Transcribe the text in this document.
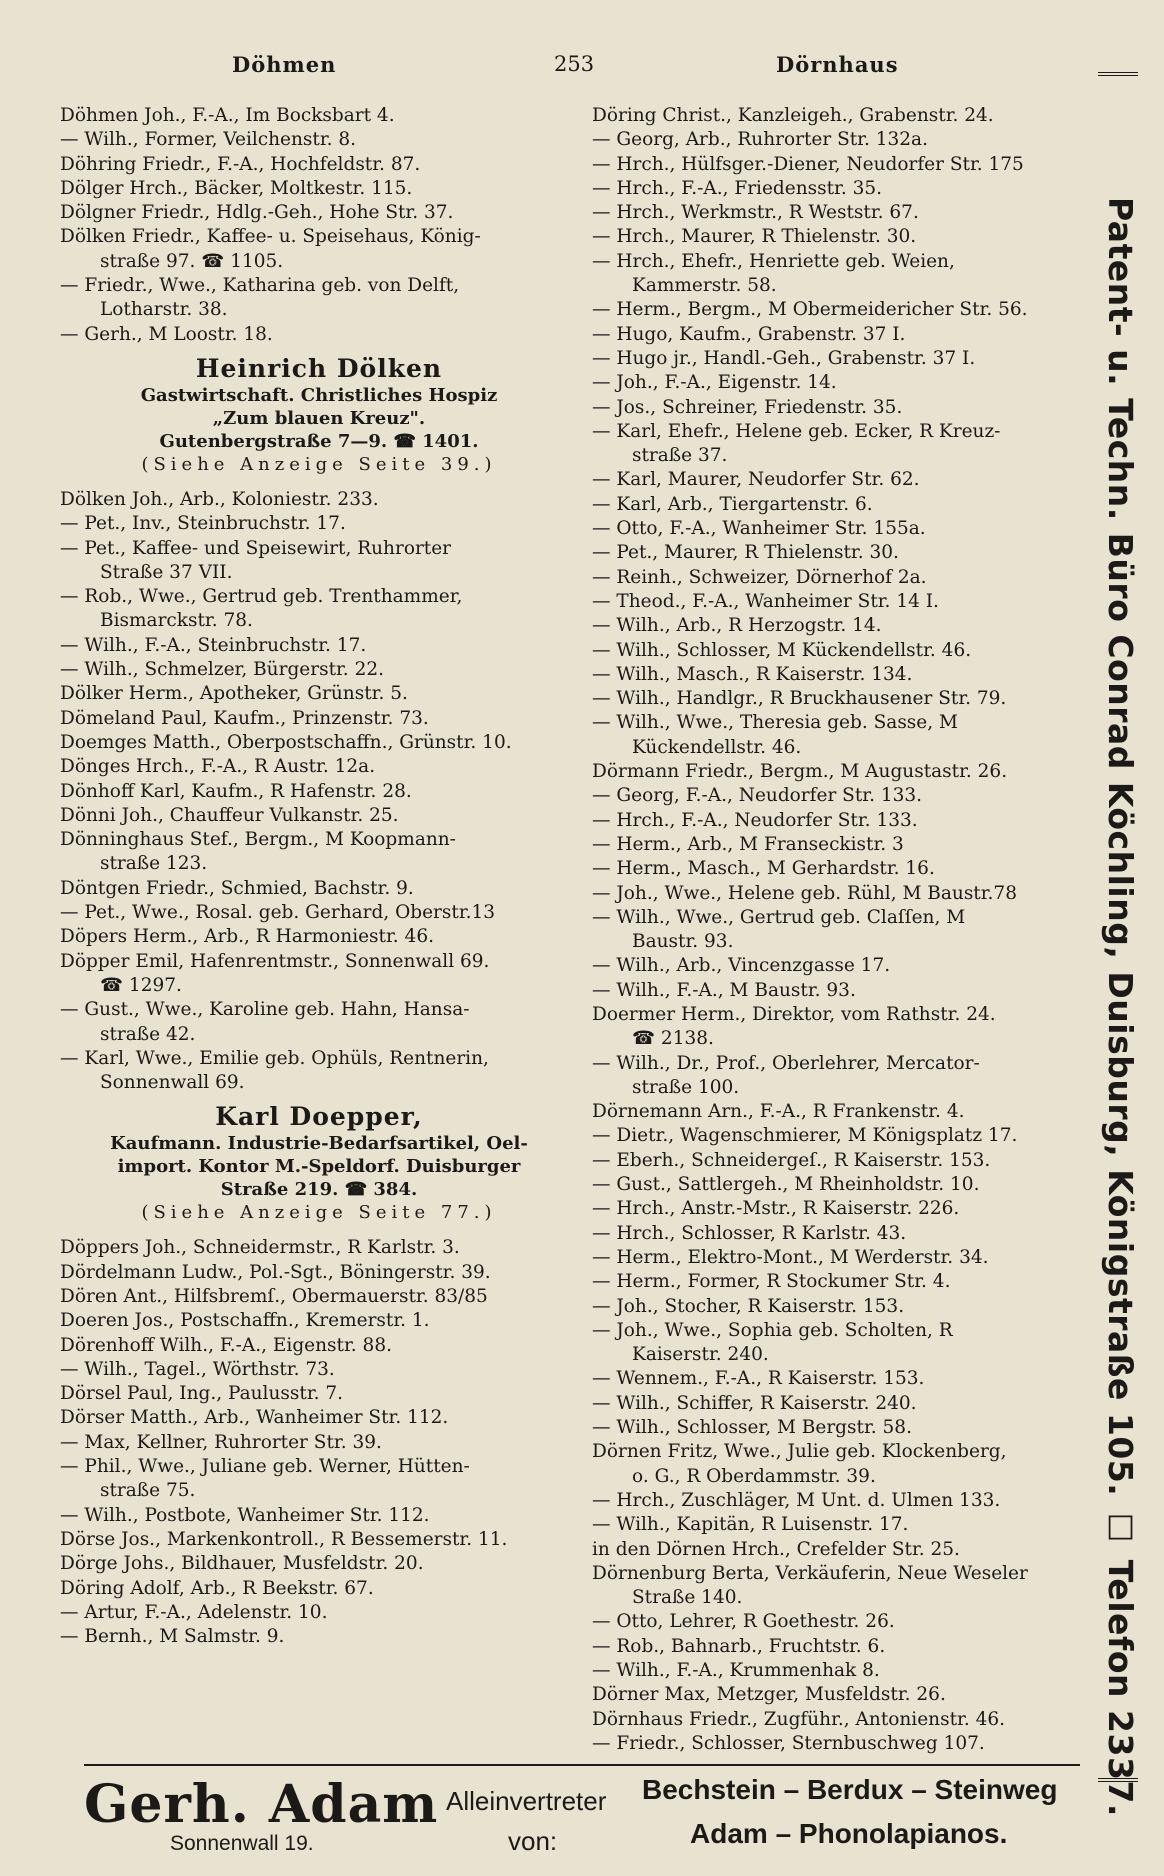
Döhmen	253	Dörnhaus
Döhmen Joh., F.-A., Im Bocksbart 4.
— Wilh., Former, Veilchenstr. 8.
Döhring Friedr., F.-A., Hochfeldstr. 87.
Dölger Hrch., Bäcker, Moltkestr. 115.
Dölgner Friedr., Hdlg.-Geh., Hohe Str. 37.
Dölken Friedr., Kaffee- u. Speisehaus, König-
straße 97. ☎ 1105.
— Friedr., Wwe., Katharina geb. von Delft,
Lotharstr. 38.
— Gerh., M Loostr. 18.
Heinrich Dölken
Gastwirtschaft. Christliches Hospiz
„Zum blauen Kreuz".
Gutenbergstraße 7—9. ☎ 1401.
(Siehe Anzeige Seite 39.)
Dölken Joh., Arb., Koloniestr. 233.
— Pet., Inv., Steinbruchstr. 17.
— Pet., Kaffee- und Speisewirt, Ruhrorter
Straße 37 VII.
— Rob., Wwe., Gertrud geb. Trenthammer,
Bismarckstr. 78.
— Wilh., F.-A., Steinbruchstr. 17.
— Wilh., Schmelzer, Bürgerstr. 22.
Dölker Herm., Apotheker, Grünstr. 5.
Dömeland Paul, Kaufm., Prinzenstr. 73.
Doemges Matth., Oberpostschaffn., Grünstr. 10.
Dönges Hrch., F.-A., R Austr. 12a.
Dönhoff Karl, Kaufm., R Hafenstr. 28.
Dönni Joh., Chauffeur Vulkanstr. 25.
Dönninghaus Stef., Bergm., M Koopmann-
straße 123.
Döntgen Friedr., Schmied, Bachstr. 9.
— Pet., Wwe., Rosal. geb. Gerhard, Oberstr.13
Döpers Herm., Arb., R Harmoniestr. 46.
Döpper Emil, Hafenrentmstr., Sonnenwall 69.
☎ 1297.
— Gust., Wwe., Karoline geb. Hahn, Hansa-
straße 42.
— Karl, Wwe., Emilie geb. Ophüls, Rentnerin,
Sonnenwall 69.
Karl Doepper,
Kaufmann. Industrie-Bedarfsartikel, Oel-
import. Kontor M.-Speldorf. Duisburger
Straße 219. ☎ 384.
(Siehe Anzeige Seite 77.)
Döppers Joh., Schneidermstr., R Karlstr. 3.
Dördelmann Ludw., Pol.-Sgt., Böningerstr. 39.
Dören Ant., Hilfsbremſ., Obermauerstr. 83/85
Doeren Jos., Postschaffn., Kremerstr. 1.
Dörenhoff Wilh., F.-A., Eigenstr. 88.
— Wilh., Tagel., Wörthstr. 73.
Dörsel Paul, Ing., Paulusstr. 7.
Dörser Matth., Arb., Wanheimer Str. 112.
— Max, Kellner, Ruhrorter Str. 39.
— Phil., Wwe., Juliane geb. Werner, Hütten-
straße 75.
— Wilh., Postbote, Wanheimer Str. 112.
Dörse Jos., Markenkontroll., R Bessemerstr. 11.
Dörge Johs., Bildhauer, Musfeldstr. 20.
Döring Adolf, Arb., R Beekstr. 67.
— Artur, F.-A., Adelenstr. 10.
— Bernh., M Salmstr. 9.
Döring Christ., Kanzleigeh., Grabenstr. 24.
— Georg, Arb., Ruhrorter Str. 132a.
— Hrch., Hülfsger.-Diener, Neudorfer Str. 175
— Hrch., F.-A., Friedensstr. 35.
— Hrch., Werkmstr., R Weststr. 67.
— Hrch., Maurer, R Thielenstr. 30.
— Hrch., Ehefr., Henriette geb. Weien,
Kammerstr. 58.
— Herm., Bergm., M Obermeidericher Str. 56.
— Hugo, Kaufm., Grabenstr. 37 I.
— Hugo jr., Handl.-Geh., Grabenstr. 37 I.
— Joh., F.-A., Eigenstr. 14.
— Jos., Schreiner, Friedenstr. 35.
— Karl, Ehefr., Helene geb. Ecker, R Kreuz-
straße 37.
— Karl, Maurer, Neudorfer Str. 62.
— Karl, Arb., Tiergartenstr. 6.
— Otto, F.-A., Wanheimer Str. 155a.
— Pet., Maurer, R Thielenstr. 30.
— Reinh., Schweizer, Dörnerhof 2a.
— Theod., F.-A., Wanheimer Str. 14 I.
— Wilh., Arb., R Herzogstr. 14.
— Wilh., Schlosser, M Kückendellstr. 46.
— Wilh., Masch., R Kaiserstr. 134.
— Wilh., Handlgr., R Bruckhausener Str. 79.
— Wilh., Wwe., Theresia geb. Sasse, M
Kückendellstr. 46.
Dörmann Friedr., Bergm., M Augustastr. 26.
— Georg, F.-A., Neudorfer Str. 133.
— Hrch., F.-A., Neudorfer Str. 133.
— Herm., Arb., M Franseckistr. 3
— Herm., Masch., M Gerhardstr. 16.
— Joh., Wwe., Helene geb. Rühl, M Baustr.78
— Wilh., Wwe., Gertrud geb. Claſſen, M
Baustr. 93.
— Wilh., Arb., Vincenzgasse 17.
— Wilh., F.-A., M Baustr. 93.
Doermer Herm., Direktor, vom Rathstr. 24.
☎ 2138.
— Wilh., Dr., Prof., Oberlehrer, Mercator-
straße 100.
Dörnemann Arn., F.-A., R Frankenstr. 4.
— Dietr., Wagenschmierer, M Königsplatz 17.
— Eberh., Schneidergeſ., R Kaiserstr. 153.
— Gust., Sattlergeh., M Rheinholdstr. 10.
— Hrch., Anstr.-Mstr., R Kaiserstr. 226.
— Hrch., Schlosser, R Karlstr. 43.
— Herm., Elektro-Mont., M Werderstr. 34.
— Herm., Former, R Stockumer Str. 4.
— Joh., Stocher, R Kaiserstr. 153.
— Joh., Wwe., Sophia geb. Scholten, R
Kaiserstr. 240.
— Wennem., F.-A., R Kaiserstr. 153.
— Wilh., Schiffer, R Kaiserstr. 240.
— Wilh., Schlosser, M Bergstr. 58.
Dörnen Fritz, Wwe., Julie geb. Klockenberg,
o. G., R Oberdammstr. 39.
— Hrch., Zuschläger, M Unt. d. Ulmen 133.
— Wilh., Kapitän, R Luisenstr. 17.
in den Dörnen Hrch., Crefelder Str. 25.
Dörnenburg Berta, Verkäuferin, Neue Weseler
Straße 140.
— Otto, Lehrer, R Goethestr. 26.
— Rob., Bahnarb., Fruchtstr. 6.
— Wilh., F.-A., Krummenhak 8.
Dörner Max, Metzger, Musfeldstr. 26.
Dörnhaus Friedr., Zugführ., Antonienstr. 46.
— Friedr., Schlosser, Sternbuschweg 107.	Patent- u. Techn. Büro Conrad Köchling, Duisburg, Königstraße 105. ☐ Telefon 2337.
Gerh. Adam
Sonnenwall 19.
Alleinvertreter
von:
Bechstein – Berdux – Steinweg
Adam – Phonolapianos.
